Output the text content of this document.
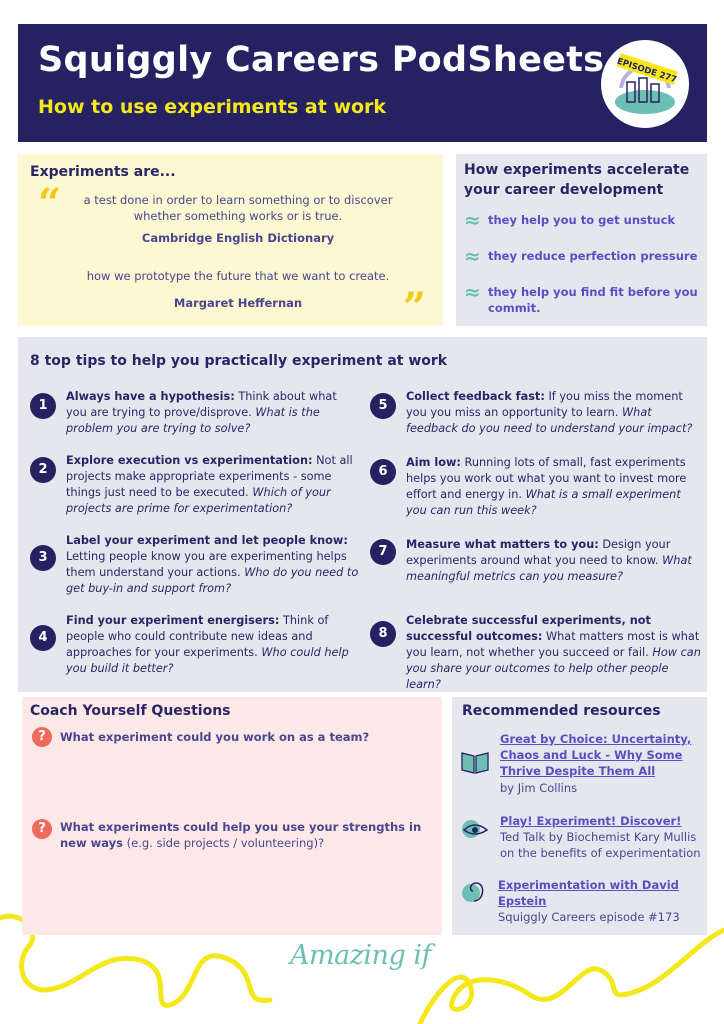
Squiggly Careers PodSheets
How to use experiments at work
EPISODE 277
Experiments are...
“	a test done in order to learn something or to discover whether something works or is true.
Cambridge English Dictionary
how we prototype the future that we want to create.
Margaret Heffernan	”
How experiments accelerate your career development
≈ they help you to get unstuck
≈ they reduce perfection pressure
≈ they help you find fit before you commit.
8 top tips to help you practically experiment at work
1
Always have a hypothesis: Think about what you are trying to prove/disprove. What is the problem you are trying to solve?
2
Explore execution vs experimentation: Not all projects make appropriate experiments - some things just need to be executed. Which of your projects are prime for experimentation?
3
Label your experiment and let people know: Letting people know you are experimenting helps them understand your actions. Who do you need to get buy-in and support from?
4
Find your experiment energisers: Think of people who could contribute new ideas and approaches for your experiments. Who could help you build it better?
5
Collect feedback fast: If you miss the moment you you miss an opportunity to learn. What feedback do you need to understand your impact?
6
Aim low: Running lots of small, fast experiments helps you work out what you want to invest more effort and energy in. What is a small experiment you can run this week?
7	Measure what matters to you: Design your experiments around what you need to know. What meaningful metrics can you measure?
8
Celebrate successful experiments, not successful outcomes: What matters most is what you learn, not whether you succeed or fail. How can you share your outcomes to help other people learn?
Coach Yourself Questions
?	What experiment could you work on as a team?
?	What experiments could help you use your strengths in new ways (e.g. side projects / volunteering)?
Recommended resources
Great by Choice: Uncertainty, Chaos and Luck - Why Some Thrive Despite Them All
by Jim Collins
Play! Experiment! Discover!
Ted Talk by Biochemist Kary Mullis on the benefits of experimentation
Experimentation with David Epstein
Squiggly Careers episode #173
Amazing if
